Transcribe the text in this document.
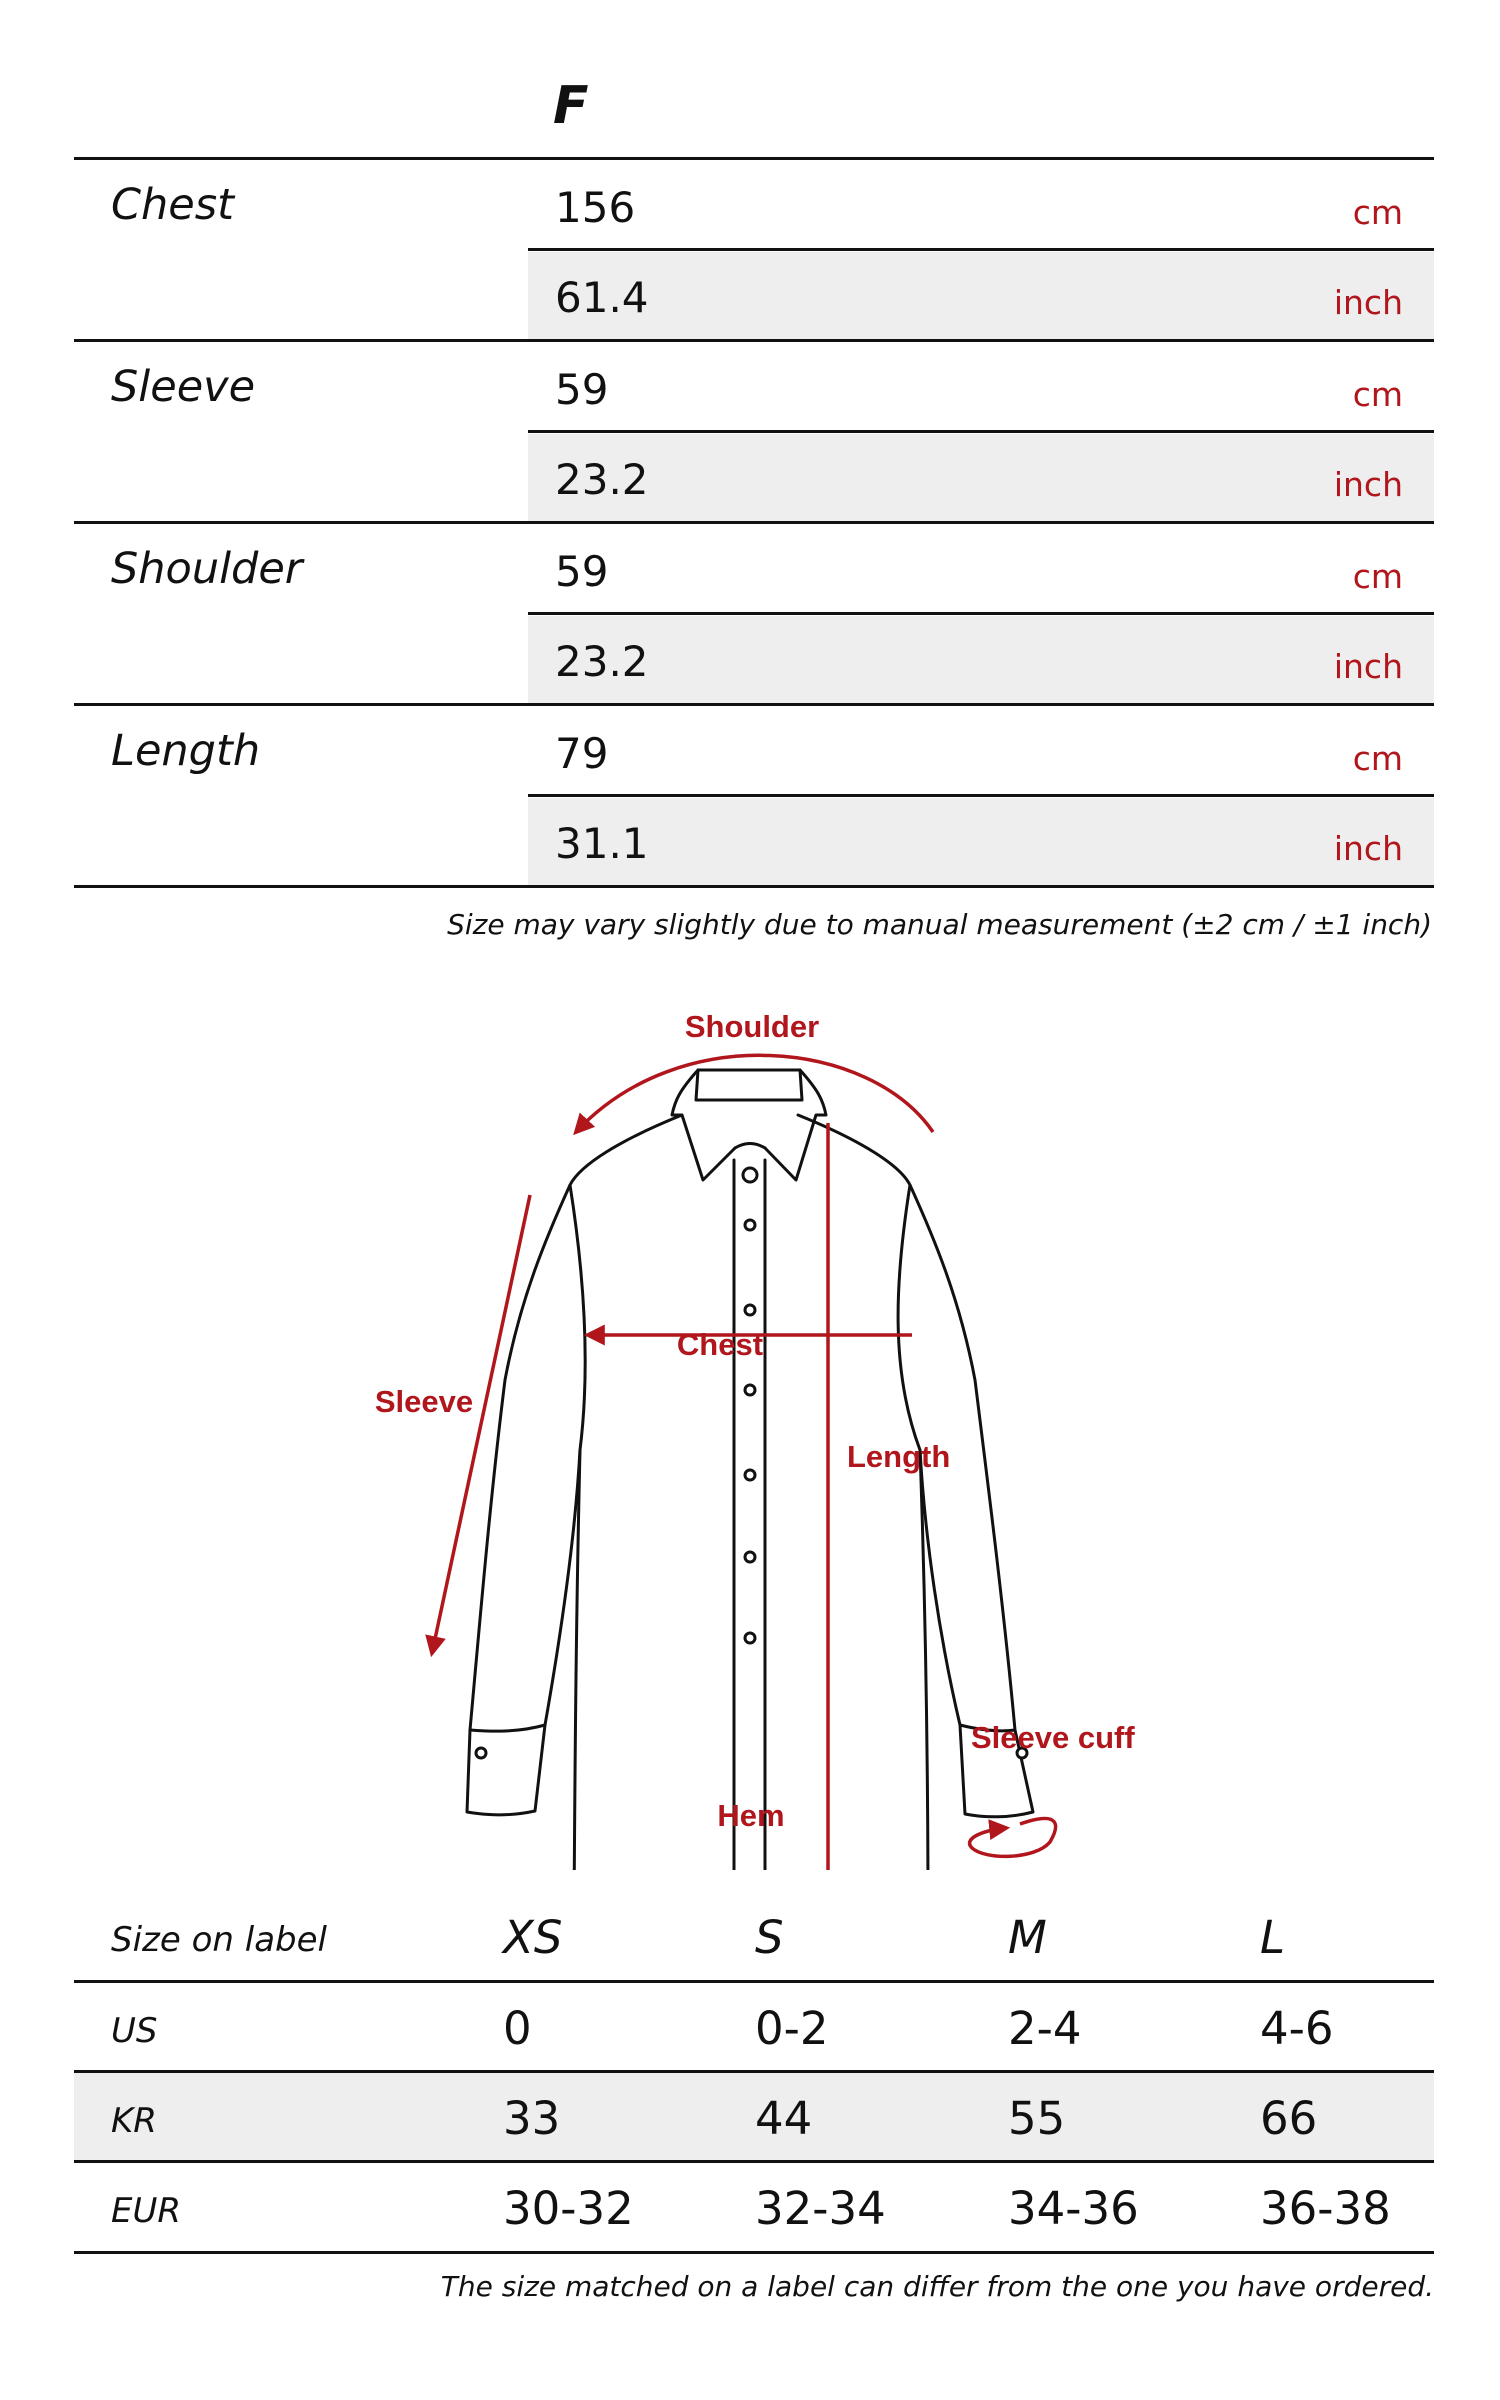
F
Chest	156	cm
61.4	inch
Sleeve	59	cm
23.2	inch
Shoulder	59	cm
23.2	inch
Length	79	cm
31.1	inch
Size may vary slightly due to manual measurement (±2 cm / ±1 inch)
Shoulder
Chest
Sleeve
Length
Sleeve cuff
Hem
Size on label	XS	S	M	L
US	0	0-2	2-4	4-6
KR	33	44	55	66
EUR	30-32	32-34	34-36	36-38
The size matched on a label can differ from the one you have ordered.
